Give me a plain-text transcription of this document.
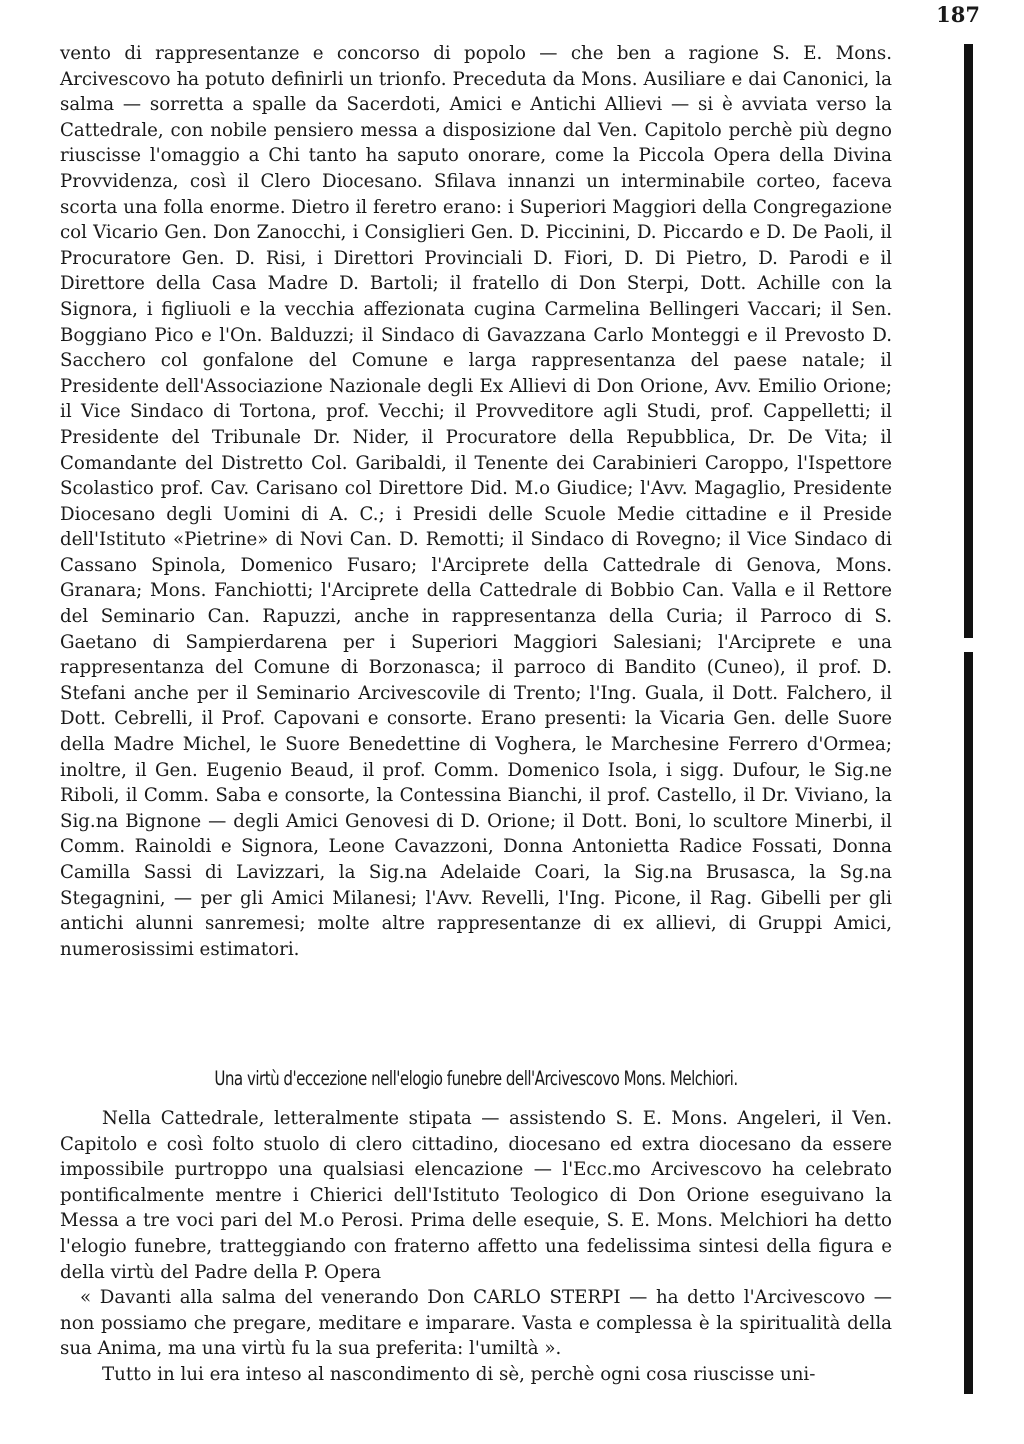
187

vento di rappresentanze e concorso di popolo — che ben a ragione S. E. Mons. Arcivescovo ha potuto definirli un trionfo. Preceduta da Mons. Ausiliare e dai Canonici, la salma — sorretta a spalle da Sacerdoti, Amici e Antichi Allievi — si è avviata verso la Cattedrale, con nobile pensiero messa a disposizione dal Ven. Capitolo perchè più degno riuscisse l'omaggio a Chi tanto ha saputo onorare, come la Piccola Opera della Divina Provvidenza, così il Clero Diocesano. Sfilava innanzi un interminabile corteo, faceva scorta una folla enorme. Dietro il feretro erano: i Superiori Maggiori della Congregazione col Vicario Gen. Don Zanocchi, i Consiglieri Gen. D. Piccinini, D. Piccardo e D. De Paoli, il Procuratore Gen. D. Risi, i Direttori Provinciali D. Fiori, D. Di Pietro, D. Parodi e il Direttore della Casa Madre D. Bartoli; il fratello di Don Sterpi, Dott. Achille con la Signora, i figliuoli e la vecchia affezionata cugina Carmelina Bellingeri Vaccari; il Sen. Boggiano Pico e l'On. Balduzzi; il Sindaco di Gavazzana Carlo Monteggi e il Prevosto D. Sacchero col gonfalone del Comune e larga rappresentanza del paese natale; il Presidente dell'Associazione Nazionale degli Ex Allievi di Don Orione, Avv. Emilio Orione; il Vice Sindaco di Tortona, prof. Vecchi; il Provveditore agli Studi, prof. Cappelletti; il Presidente del Tribunale Dr. Nider, il Procuratore della Repubblica, Dr. De Vita; il Comandante del Distretto Col. Garibaldi, il Tenente dei Carabinieri Caroppo, l'Ispettore Scolastico prof. Cav. Carisano col Direttore Did. M.o Giudice; l'Avv. Magaglio, Presidente Diocesano degli Uomini di A. C.; i Presidi delle Scuole Medie cittadine e il Preside dell'Istituto «Pietrine» di Novi Can. D. Remotti; il Sindaco di Rovegno; il Vice Sindaco di Cassano Spinola, Domenico Fusaro; l'Arciprete della Cattedrale di Genova, Mons. Granara; Mons. Fanchiotti; l'Arciprete della Cattedrale di Bobbio Can. Valla e il Rettore del Seminario Can. Rapuzzi, anche in rappresentanza della Curia; il Parroco di S. Gaetano di Sampierdarena per i Superiori Maggiori Salesiani; l'Arciprete e una rappresentanza del Comune di Borzonasca; il parroco di Bandito (Cuneo), il prof. D. Stefani anche per il Seminario Arcivescovile di Trento; l'Ing. Guala, il Dott. Falchero, il Dott. Cebrelli, il Prof. Capovani e consorte. Erano presenti: la Vicaria Gen. delle Suore della Madre Michel, le Suore Benedettine di Voghera, le Marchesine Ferrero d'Ormea; inoltre, il Gen. Eugenio Beaud, il prof. Comm. Domenico Isola, i sigg. Dufour, le Sig.ne Riboli, il Comm. Saba e consorte, la Contessina Bianchi, il prof. Castello, il Dr. Viviano, la Sig.na Bignone — degli Amici Genovesi di D. Orione; il Dott. Boni, lo scultore Minerbi, il Comm. Rainoldi e Signora, Leone Cavazzoni, Donna Antonietta Radice Fossati, Donna Camilla Sassi di Lavizzari, la Sig.na Adelaide Coari, la Sig.na Brusasca, la Sg.na Stegagnini, — per gli Amici Milanesi; l'Avv. Revelli, l'Ing. Picone, il Rag. Gibelli per gli antichi alunni sanremesi; molte altre rappresentanze di ex allievi, di Gruppi Amici, numerosissimi estimatori.

Una virtù d'eccezione nell'elogio funebre dell'Arcivescovo Mons. Melchiori.

Nella Cattedrale, letteralmente stipata — assistendo S. E. Mons. Angeleri, il Ven. Capitolo e così folto stuolo di clero cittadino, diocesano ed extra diocesano da essere impossibile purtroppo una qualsiasi elencazione — l'Ecc.mo Arcivescovo ha celebrato pontificalmente mentre i Chierici dell'Istituto Teologico di Don Orione eseguivano la Messa a tre voci pari del M.o Perosi. Prima delle esequie, S. E. Mons. Melchiori ha detto l'elogio funebre, tratteggiando con fraterno affetto una fedelissima sintesi della figura e della virtù del Padre della P. Opera

« Davanti alla salma del venerando Don CARLO STERPI — ha detto l'Arcivescovo — non possiamo che pregare, meditare e imparare. Vasta e complessa è la spiritualità della sua Anima, ma una virtù fu la sua preferita: l'umiltà ».

Tutto in lui era inteso al nascondimento di sè, perchè ogni cosa riuscisse uni-
